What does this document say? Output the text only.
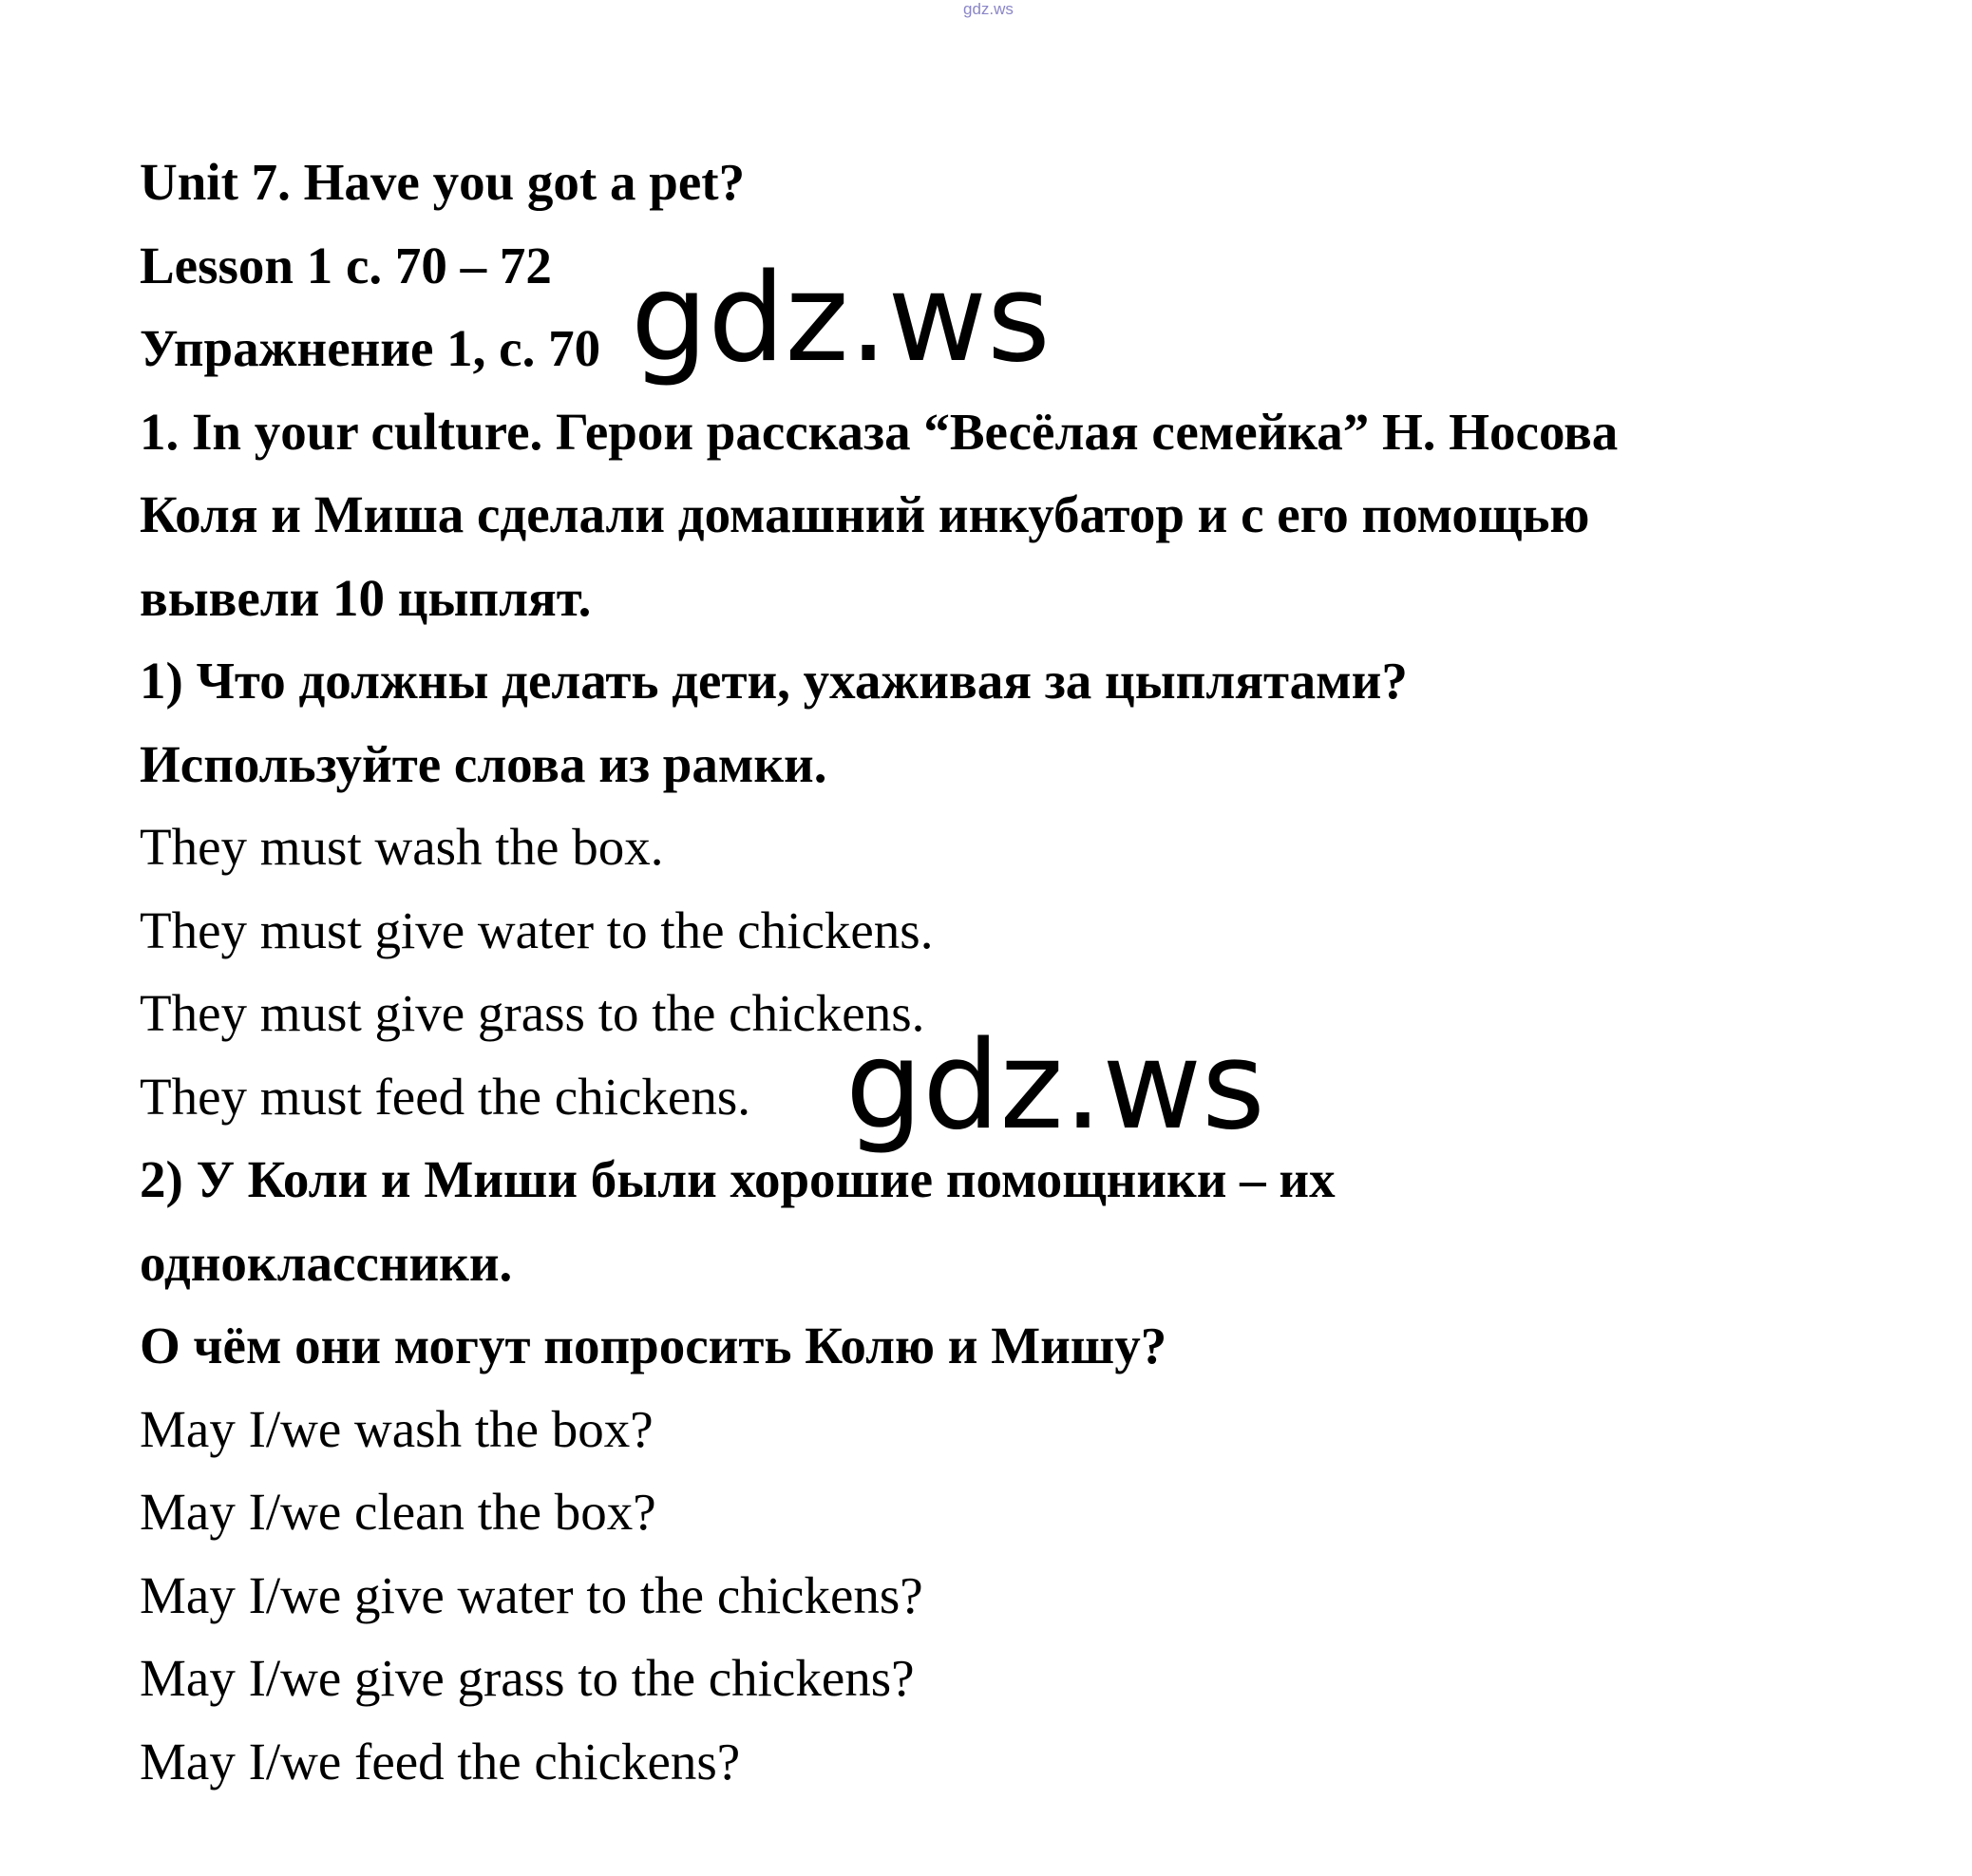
gdz.ws
Unit 7. Have you got a pet?
Lesson 1 с. 70 – 72
Упражнение 1, с. 70
1. In your culture. Герои рассказа “Весёлая семейка” Н. Носова
Коля и Миша сделали домашний инкубатор и с его помощью
вывели 10 цыплят.
1) Что должны делать дети, ухаживая за цыплятами?
Используйте слова из рамки.
They must wash the box.
They must give water to the chickens.
They must give grass to the chickens.
They must feed the chickens.
2) У Коли и Миши были хорошие помощники – их
одноклассники.
О чём они могут попросить Колю и Мишу?
May I/we wash the box?
May I/we clean the box?
May I/we give water to the chickens?
May I/we give grass to the chickens?
May I/we feed the chickens?
gdz.ws
gdz.ws
